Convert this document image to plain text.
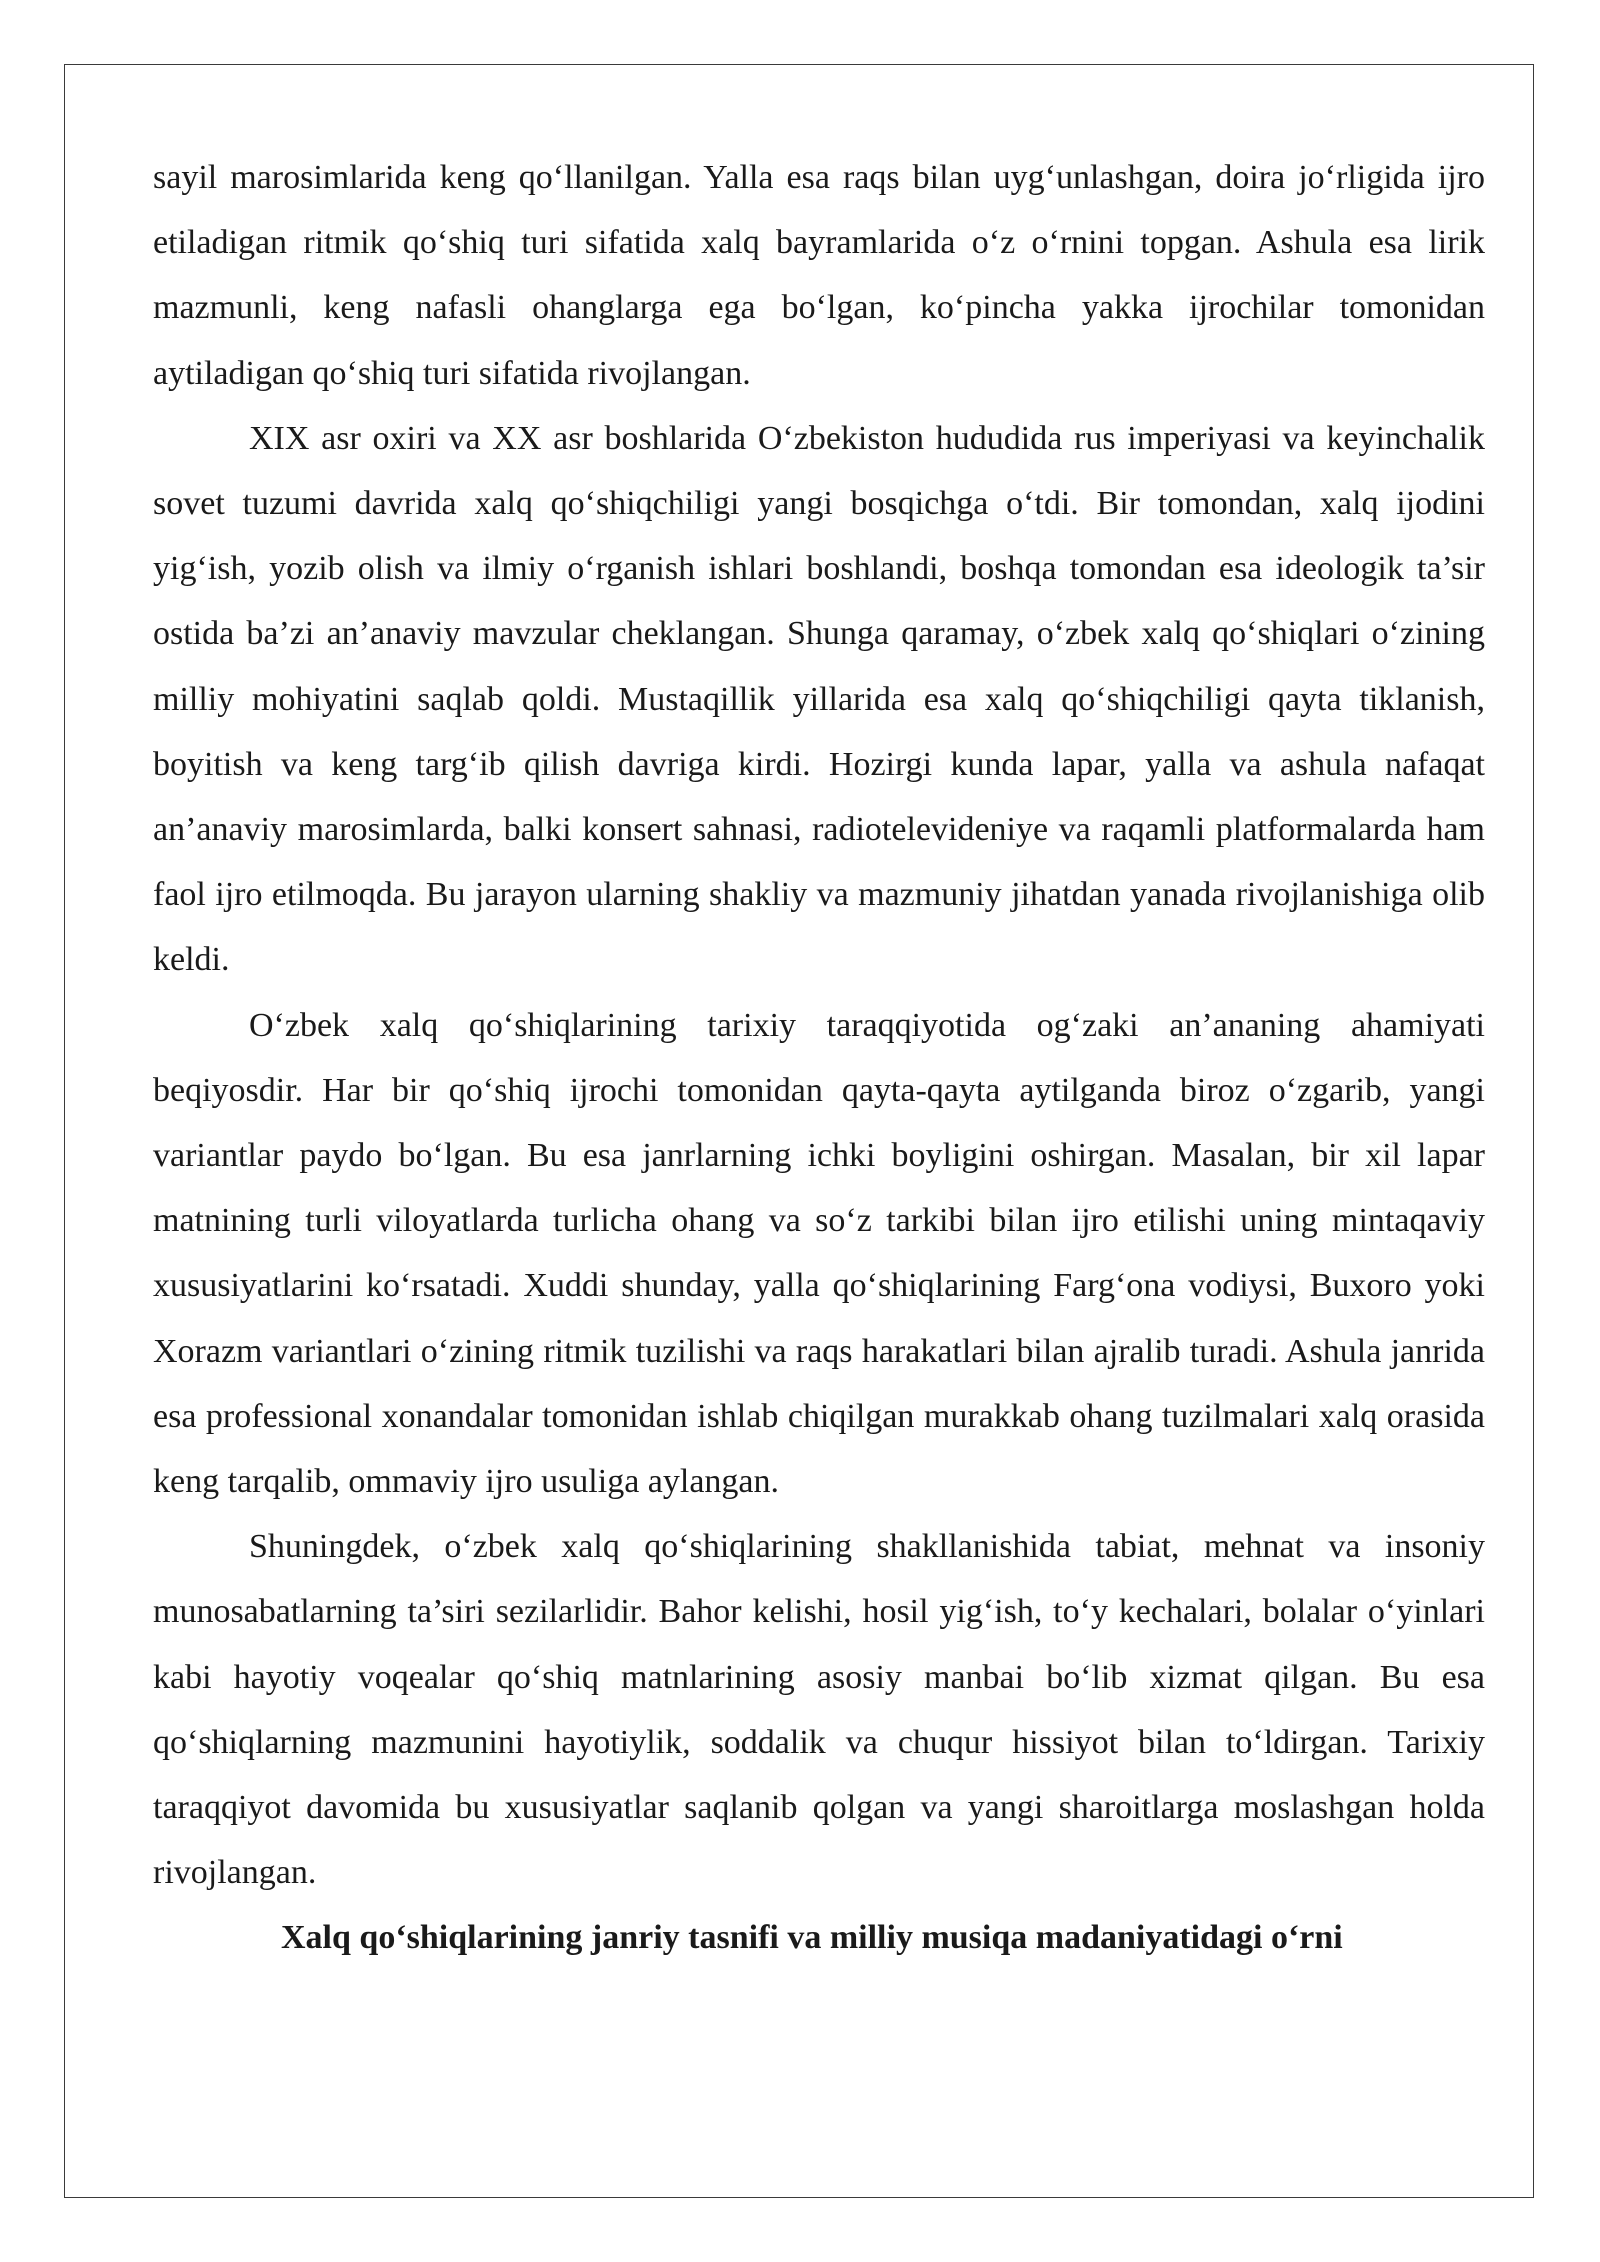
sayil marosimlarida keng qo‘llanilgan. Yalla esa raqs bilan uyg‘unlashgan, doira jo‘rligida ijro etiladigan ritmik qo‘shiq turi sifatida xalq bayramlarida o‘z o‘rnini topgan. Ashula esa lirik mazmunli, keng nafasli ohanglarga ega bo‘lgan, ko‘pincha yakka ijrochilar tomonidan aytiladigan qo‘shiq turi sifatida rivojlangan.

XIX asr oxiri va XX asr boshlarida O‘zbekiston hududida rus imperiyasi va keyinchalik sovet tuzumi davrida xalq qo‘shiqchiligi yangi bosqichga o‘tdi. Bir tomondan, xalq ijodini yig‘ish, yozib olish va ilmiy o‘rganish ishlari boshlandi, boshqa tomondan esa ideologik ta’sir ostida ba’zi an’anaviy mavzular cheklangan. Shunga qaramay, o‘zbek xalq qo‘shiqlari o‘zining milliy mohiyatini saqlab qoldi. Mustaqillik yillarida esa xalq qo‘shiqchiligi qayta tiklanish, boyitish va keng targ‘ib qilish davriga kirdi. Hozirgi kunda lapar, yalla va ashula nafaqat an’anaviy marosimlarda, balki konsert sahnasi, radiotelevideniye va raqamli platformalarda ham faol ijro etilmoqda. Bu jarayon ularning shakliy va mazmuniy jihatdan yanada rivojlanishiga olib keldi.

O‘zbek xalq qo‘shiqlarining tarixiy taraqqiyotida og‘zaki an’ananing ahamiyati beqiyosdir. Har bir qo‘shiq ijrochi tomonidan qayta-qayta aytilganda biroz o‘zgarib, yangi variantlar paydo bo‘lgan. Bu esa janrlarning ichki boyligini oshirgan. Masalan, bir xil lapar matnining turli viloyatlarda turlicha ohang va so‘z tarkibi bilan ijro etilishi uning mintaqaviy xususiyatlarini ko‘rsatadi. Xuddi shunday, yalla qo‘shiqlarining Farg‘ona vodiysi, Buxoro yoki Xorazm variantlari o‘zining ritmik tuzilishi va raqs harakatlari bilan ajralib turadi. Ashula janrida esa professional xonandalar tomonidan ishlab chiqilgan murakkab ohang tuzilmalari xalq orasida keng tarqalib, ommaviy ijro usuliga aylangan.

Shuningdek, o‘zbek xalq qo‘shiqlarining shakllanishida tabiat, mehnat va insoniy munosabatlarning ta’siri sezilarlidir. Bahor kelishi, hosil yig‘ish, to‘y kechalari, bolalar o‘yinlari kabi hayotiy voqealar qo‘shiq matnlarining asosiy manbai bo‘lib xizmat qilgan. Bu esa qo‘shiqlarning mazmunini hayotiylik, soddalik va chuqur hissiyot bilan to‘ldirgan. Tarixiy taraqqiyot davomida bu xususiyatlar saqlanib qolgan va yangi sharoitlarga moslashgan holda rivojlangan.

Xalq qo‘shiqlarining janriy tasnifi va milliy musiqa madaniyatidagi o‘rni
